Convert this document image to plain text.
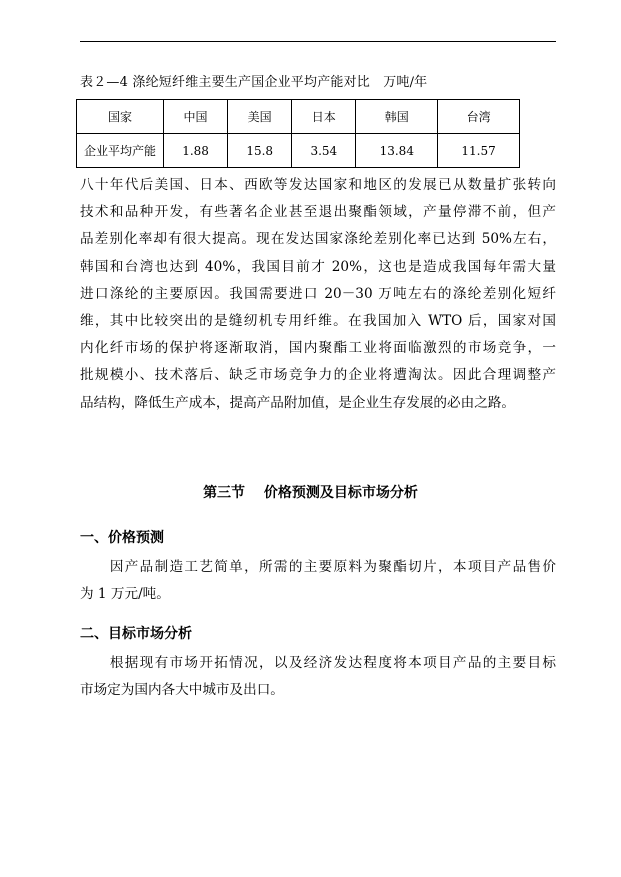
表２—4 涤纶短纤维主要生产国企业平均产能对比　万吨/年
国家	中国	美国	日本	韩国	台湾
企业平均产能	1.88	15.8	3.54	13.84	11.57
八十年代后美国、日本、西欧等发达国家和地区的发展已从数量扩张转向
技术和品种开发，有些著名企业甚至退出聚酯领域，产量停滞不前，但产
品差别化率却有很大提高。现在发达国家涤纶差别化率已达到 50%左右，
韩国和台湾也达到 40%，我国目前才 20%，这也是造成我国每年需大量
进口涤纶的主要原因。我国需要进口 20－30 万吨左右的涤纶差别化短纤
维，其中比较突出的是缝纫机专用纤维。在我国加入 WTO 后，国家对国
内化纤市场的保护将逐渐取消，国内聚酯工业将面临激烈的市场竞争，一
批规模小、技术落后、缺乏市场竞争力的企业将遭淘汰。因此合理调整产
品结构，降低生产成本，提高产品附加值，是企业生存发展的必由之路。
第三节　 价格预测及目标市场分析
一、价格预测
　　因产品制造工艺简单，所需的主要原料为聚酯切片，本项目产品售价
为 1 万元/吨。
二、目标市场分析
　　根据现有市场开拓情况，以及经济发达程度将本项目产品的主要目标
市场定为国内各大中城市及出口。
